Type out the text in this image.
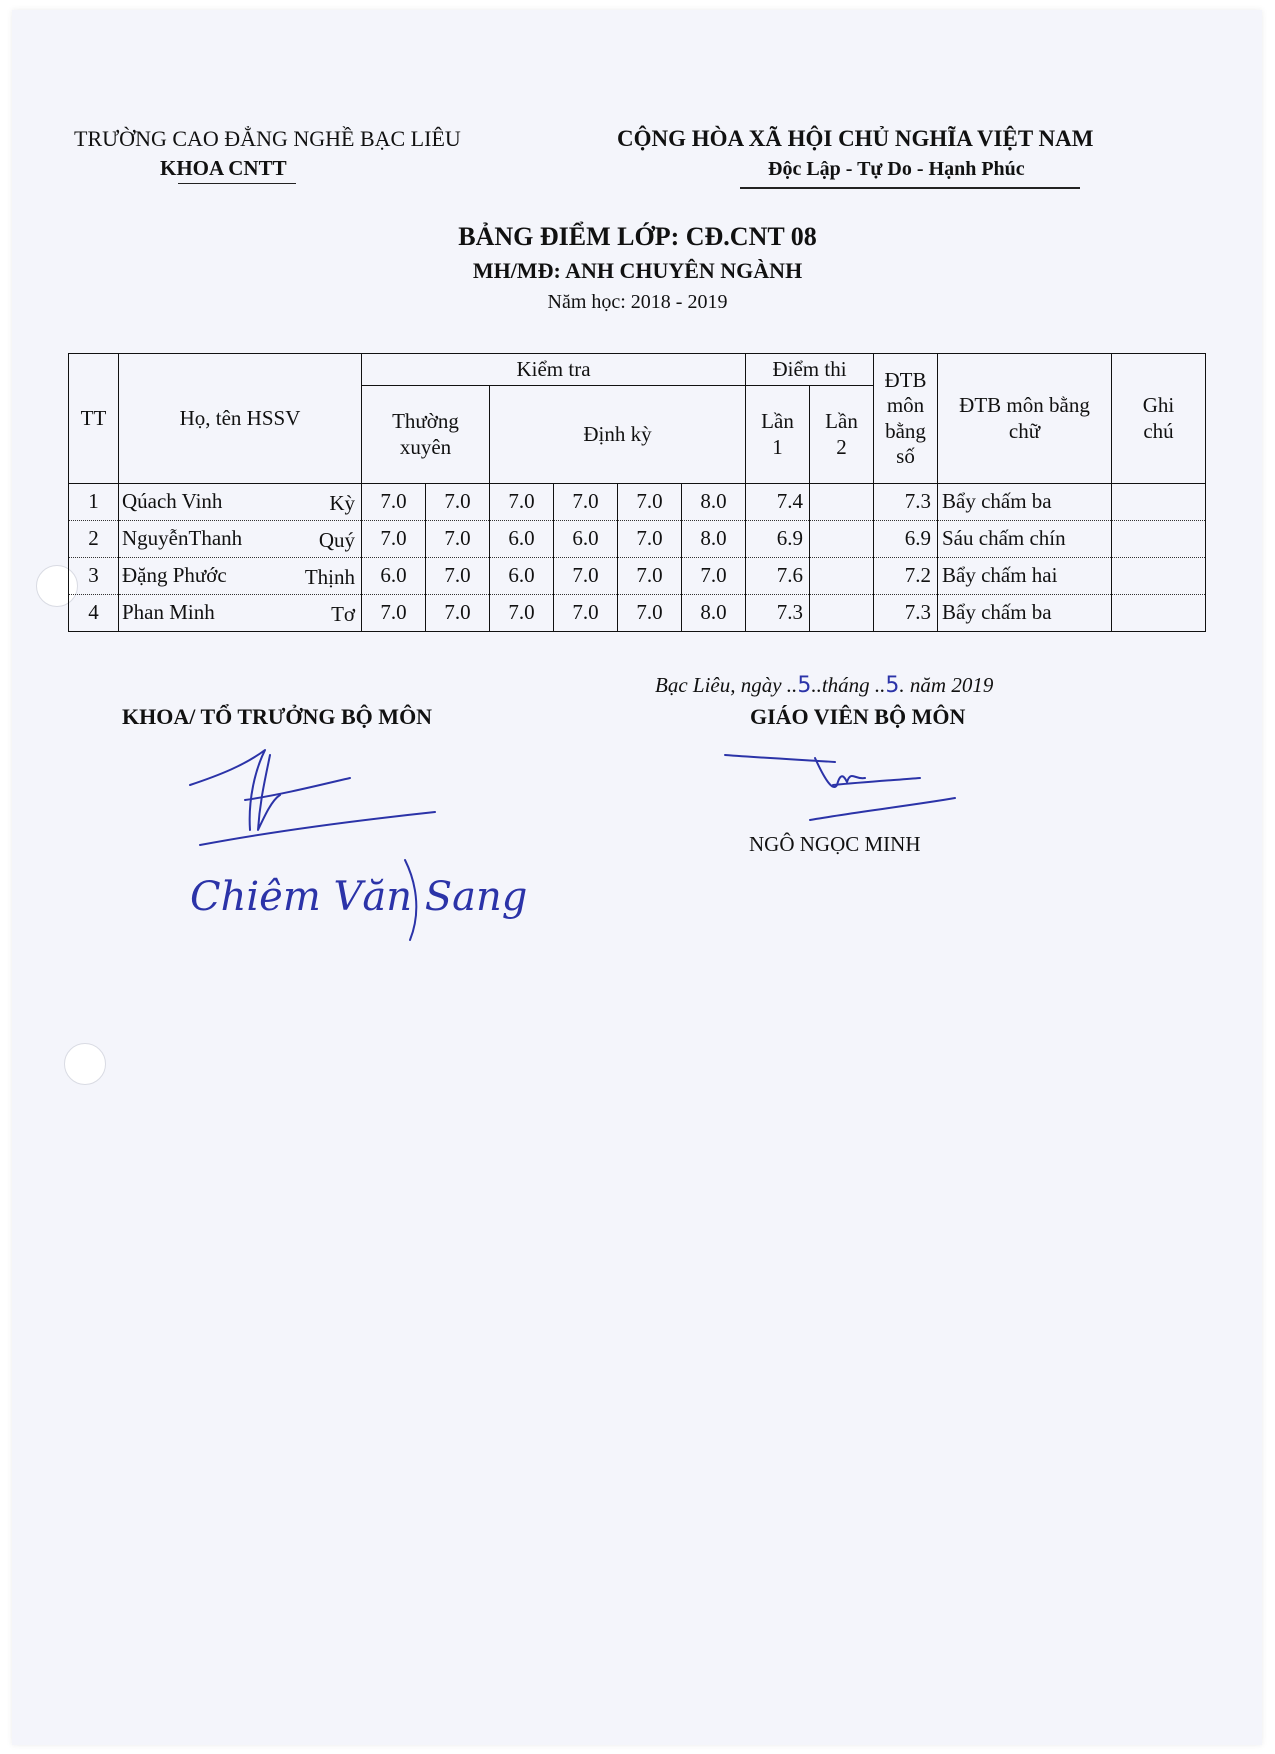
TRƯỜNG CAO ĐẲNG NGHỀ BẠC LIÊU
KHOA CNTT
CỘNG HÒA XÃ HỘI CHỦ NGHĨA VIỆT NAM
Độc Lập - Tự Do - Hạnh Phúc
BẢNG ĐIỂM LỚP: CĐ.CNT 08
MH/MĐ: ANH CHUYÊN NGÀNH
Năm học: 2018 - 2019
TT	Họ, tên HSSV	Kiểm tra						Điểm thi		ĐTB môn bằng số	ĐTB môn bằng chữ	Ghi chú
		Thường xuyên		Định kỳ				Lần 1	Lần 2			
1	Qúach Vinh Kỳ	7.0	7.0	7.0	7.0	7.0	8.0	7.4		7.3	Bẩy chấm ba	
2	NguyễnThanh Quý	7.0	7.0	6.0	6.0	7.0	8.0	6.9		6.9	Sáu chấm chín	
3	Đặng Phước Thịnh	6.0	7.0	6.0	7.0	7.0	7.0	7.6		7.2	Bẩy chấm hai	
4	Phan Minh Tơ	7.0	7.0	7.0	7.0	7.0	8.0	7.3		7.3	Bẩy chấm ba	
Bạc Liêu, ngày ..5..tháng ..5. năm 2019
KHOA/ TỔ TRƯỞNG BỘ MÔN	GIÁO VIÊN BỘ MÔN
Chiêm Văn Sang
NGÔ NGỌC MINH
